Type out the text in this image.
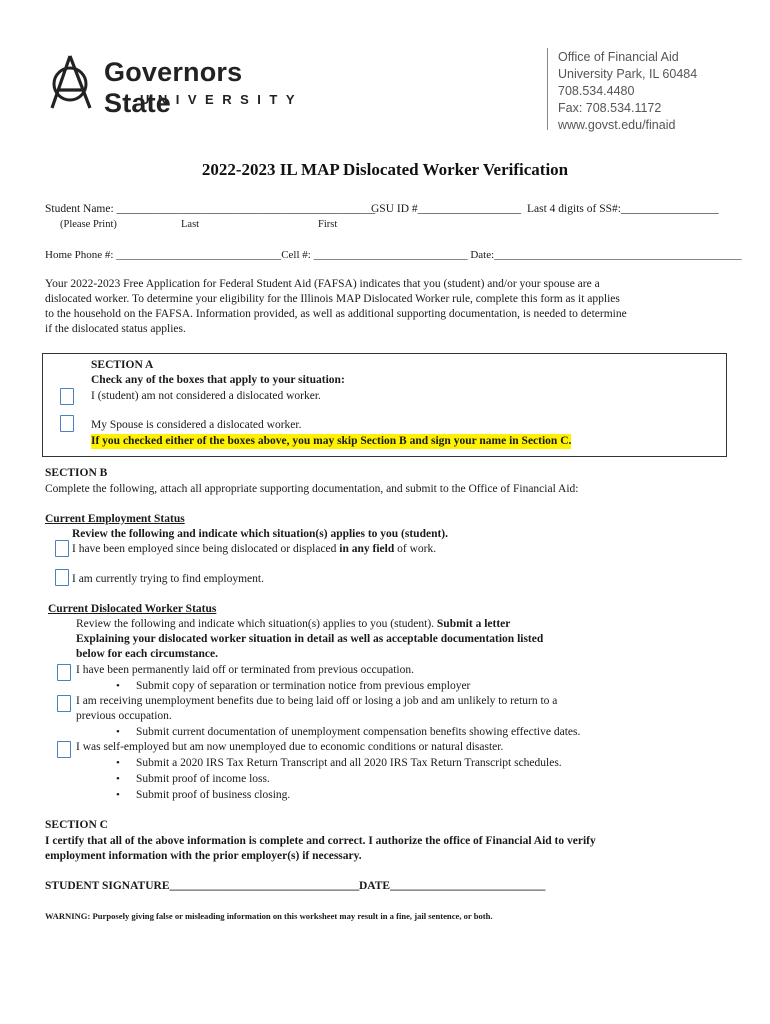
Governors State
UNIVERSITY
Office of Financial Aid
University Park, IL 60484
708.534.4480
Fax: 708.534.1172
www.govst.edu/finaid
2022-2023 IL MAP Dislocated Worker Verification
Student Name: _____________________________________________
GSU ID #__________________ Last 4 digits of SS#:_________________
(Please Print)	Last	First
Home Phone #: ______________________________Cell #: ____________________________ Date:_____________________________________________
Your 2022-2023 Free Application for Federal Student Aid (FAFSA) indicates that you (student) and/or your spouse are a
dislocated worker. To determine your eligibility for the Illinois MAP Dislocated Worker rule, complete this form as it applies
to the household on the FAFSA. Information provided, as well as additional supporting documentation, is needed to determine
if the dislocated status applies.
SECTION A
Check any of the boxes that apply to your situation:
I (student) am not considered a dislocated worker.
My Spouse is considered a dislocated worker.
If you checked either of the boxes above, you may skip Section B and sign your name in Section C.
SECTION B
Complete the following, attach all appropriate supporting documentation, and submit to the Office of Financial Aid:
Current Employment Status
Review the following and indicate which situation(s) applies to you (student).
I have been employed since being dislocated or displaced in any field of work.
I am currently trying to find employment.
Current Dislocated Worker Status
Review the following and indicate which situation(s) applies to you (student). Submit a letter
Explaining your dislocated worker situation in detail as well as acceptable documentation listed
below for each circumstance.
I have been permanently laid off or terminated from previous occupation.
• Submit copy of separation or termination notice from previous employer
I am receiving unemployment benefits due to being laid off or losing a job and am unlikely to return to a
previous occupation.
• Submit current documentation of unemployment compensation benefits showing effective dates.
I was self-employed but am now unemployed due to economic conditions or natural disaster.
• Submit a 2020 IRS Tax Return Transcript and all 2020 IRS Tax Return Transcript schedules.
• Submit proof of income loss.
• Submit proof of business closing.
SECTION C
I certify that all of the above information is complete and correct. I authorize the office of Financial Aid to verify
employment information with the prior employer(s) if necessary.
STUDENT SIGNATURE_________________________________ DATE___________________________
WARNING: Purposely giving false or misleading information on this worksheet may result in a fine, jail sentence, or both.
